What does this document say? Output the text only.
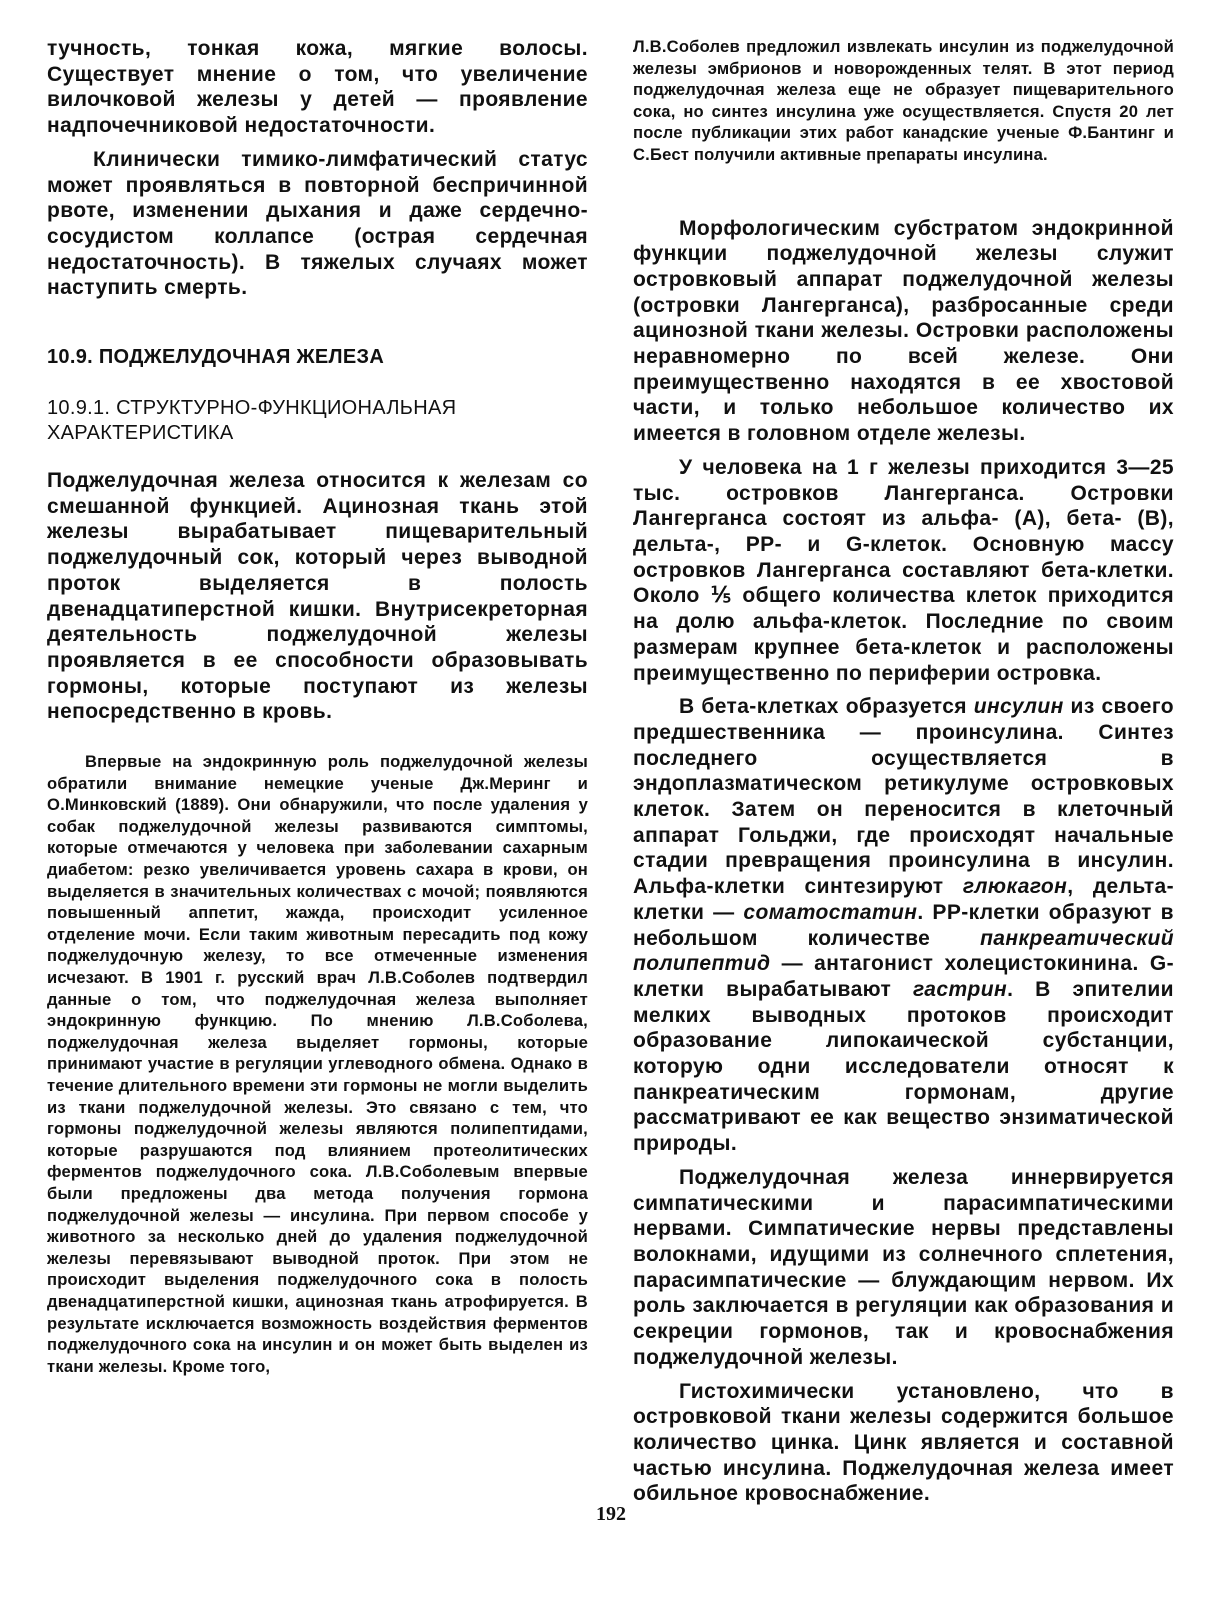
тучность, тонкая кожа, мягкие волосы. Существует мнение о том, что увеличение вилочковой железы у детей — проявление надпочечниковой недостаточности.

Клинически тимико-лимфатический статус может проявляться в повторной беспричинной рвоте, изменении дыхания и даже сердечно-сосудистом коллапсе (острая сердечная недостаточность). В тяжелых случаях может наступить смерть.

10.9. ПОДЖЕЛУДОЧНАЯ ЖЕЛЕЗА
10.9.1. СТРУКТУРНО-ФУНКЦИОНАЛЬНАЯ
ХАРАКТЕРИСТИКА

Поджелудочная железа относится к железам со смешанной функцией. Ацинозная ткань этой железы вырабатывает пищеварительный поджелудочный сок, который через выводной проток выделяется в полость двенадцатиперстной кишки. Внутрисекреторная деятельность поджелудочной железы проявляется в ее способности образовывать гормоны, которые поступают из железы непосредственно в кровь.

Впервые на эндокринную роль поджелудочной железы обратили внимание немецкие ученые Дж.Меринг и О.Минковский (1889). Они обнаружили, что после удаления у собак поджелудочной железы развиваются симптомы, которые отмечаются у человека при заболевании сахарным диабетом: резко увеличивается уровень сахара в крови, он выделяется в значительных количествах с мочой; появляются повышенный аппетит, жажда, происходит усиленное отделение мочи. Если таким животным пересадить под кожу поджелудочную железу, то все отмеченные изменения исчезают. В 1901 г. русский врач Л.В.Соболев подтвердил данные о том, что поджелудочная железа выполняет эндокринную функцию. По мнению Л.В.Соболева, поджелудочная железа выделяет гормоны, которые принимают участие в регуляции углеводного обмена. Однако в течение длительного времени эти гормоны не могли выделить из ткани поджелудочной железы. Это связано с тем, что гормоны поджелудочной железы являются полипептидами, которые разрушаются под влиянием протеолитических ферментов поджелудочного сока. Л.В.Соболевым впервые были предложены два метода получения гормона поджелудочной железы — инсулина. При первом способе у животного за несколько дней до удаления поджелудочной железы перевязывают выводной проток. При этом не происходит выделения поджелудочного сока в полость двенадцатиперстной кишки, ацинозная ткань атрофируется. В результате исключается возможность воздействия ферментов поджелудочного сока на инсулин и он может быть выделен из ткани железы. Кроме того,

Л.В.Соболев предложил извлекать инсулин из поджелудочной железы эмбрионов и новорожденных телят. В этот период поджелудочная железа еще не образует пищеварительного сока, но синтез инсулина уже осуществляется. Спустя 20 лет после публикации этих работ канадские ученые Ф.Бантинг и С.Бест получили активные препараты инсулина.

Морфологическим субстратом эндокринной функции поджелудочной железы служит островковый аппарат поджелудочной железы (островки Лангерганса), разбросанные среди ацинозной ткани железы. Островки расположены неравномерно по всей железе. Они преимущественно находятся в ее хвостовой части, и только небольшое количество их имеется в головном отделе железы.

У человека на 1 г железы приходится 3—25 тыс. островков Лангерганса. Островки Лангерганса состоят из альфа- (А), бета- (В), дельта-, PP- и G-клеток. Основную массу островков Лангерганса составляют бета-клетки. Около ⅕ общего количества клеток приходится на долю альфа-клеток. Последние по своим размерам крупнее бета-клеток и расположены преимущественно по периферии островка.

В бета-клетках образуется инсулин из своего предшественника — проинсулина. Синтез последнего осуществляется в эндоплазматическом ретикулуме островковых клеток. Затем он переносится в клеточный аппарат Гольджи, где происходят начальные стадии превращения проинсулина в инсулин. Альфа-клетки синтезируют глюкагон, дельта-клетки — соматостатин. PP-клетки образуют в небольшом количестве панкреатический полипептид — антагонист холецистокинина. G-клетки вырабатывают гастрин. В эпителии мелких выводных протоков происходит образование липокаической субстанции, которую одни исследователи относят к панкреатическим гормонам, другие рассматривают ее как вещество энзиматической природы.

Поджелудочная железа иннервируется симпатическими и парасимпатическими нервами. Симпатические нервы представлены волокнами, идущими из солнечного сплетения, парасимпатические — блуждающим нервом. Их роль заключается в регуляции как образования и секреции гормонов, так и кровоснабжения поджелудочной железы.

Гистохимически установлено, что в островковой ткани железы содержится большое количество цинка. Цинк является и составной частью инсулина. Поджелудочная железа имеет обильное кровоснабжение.

192
